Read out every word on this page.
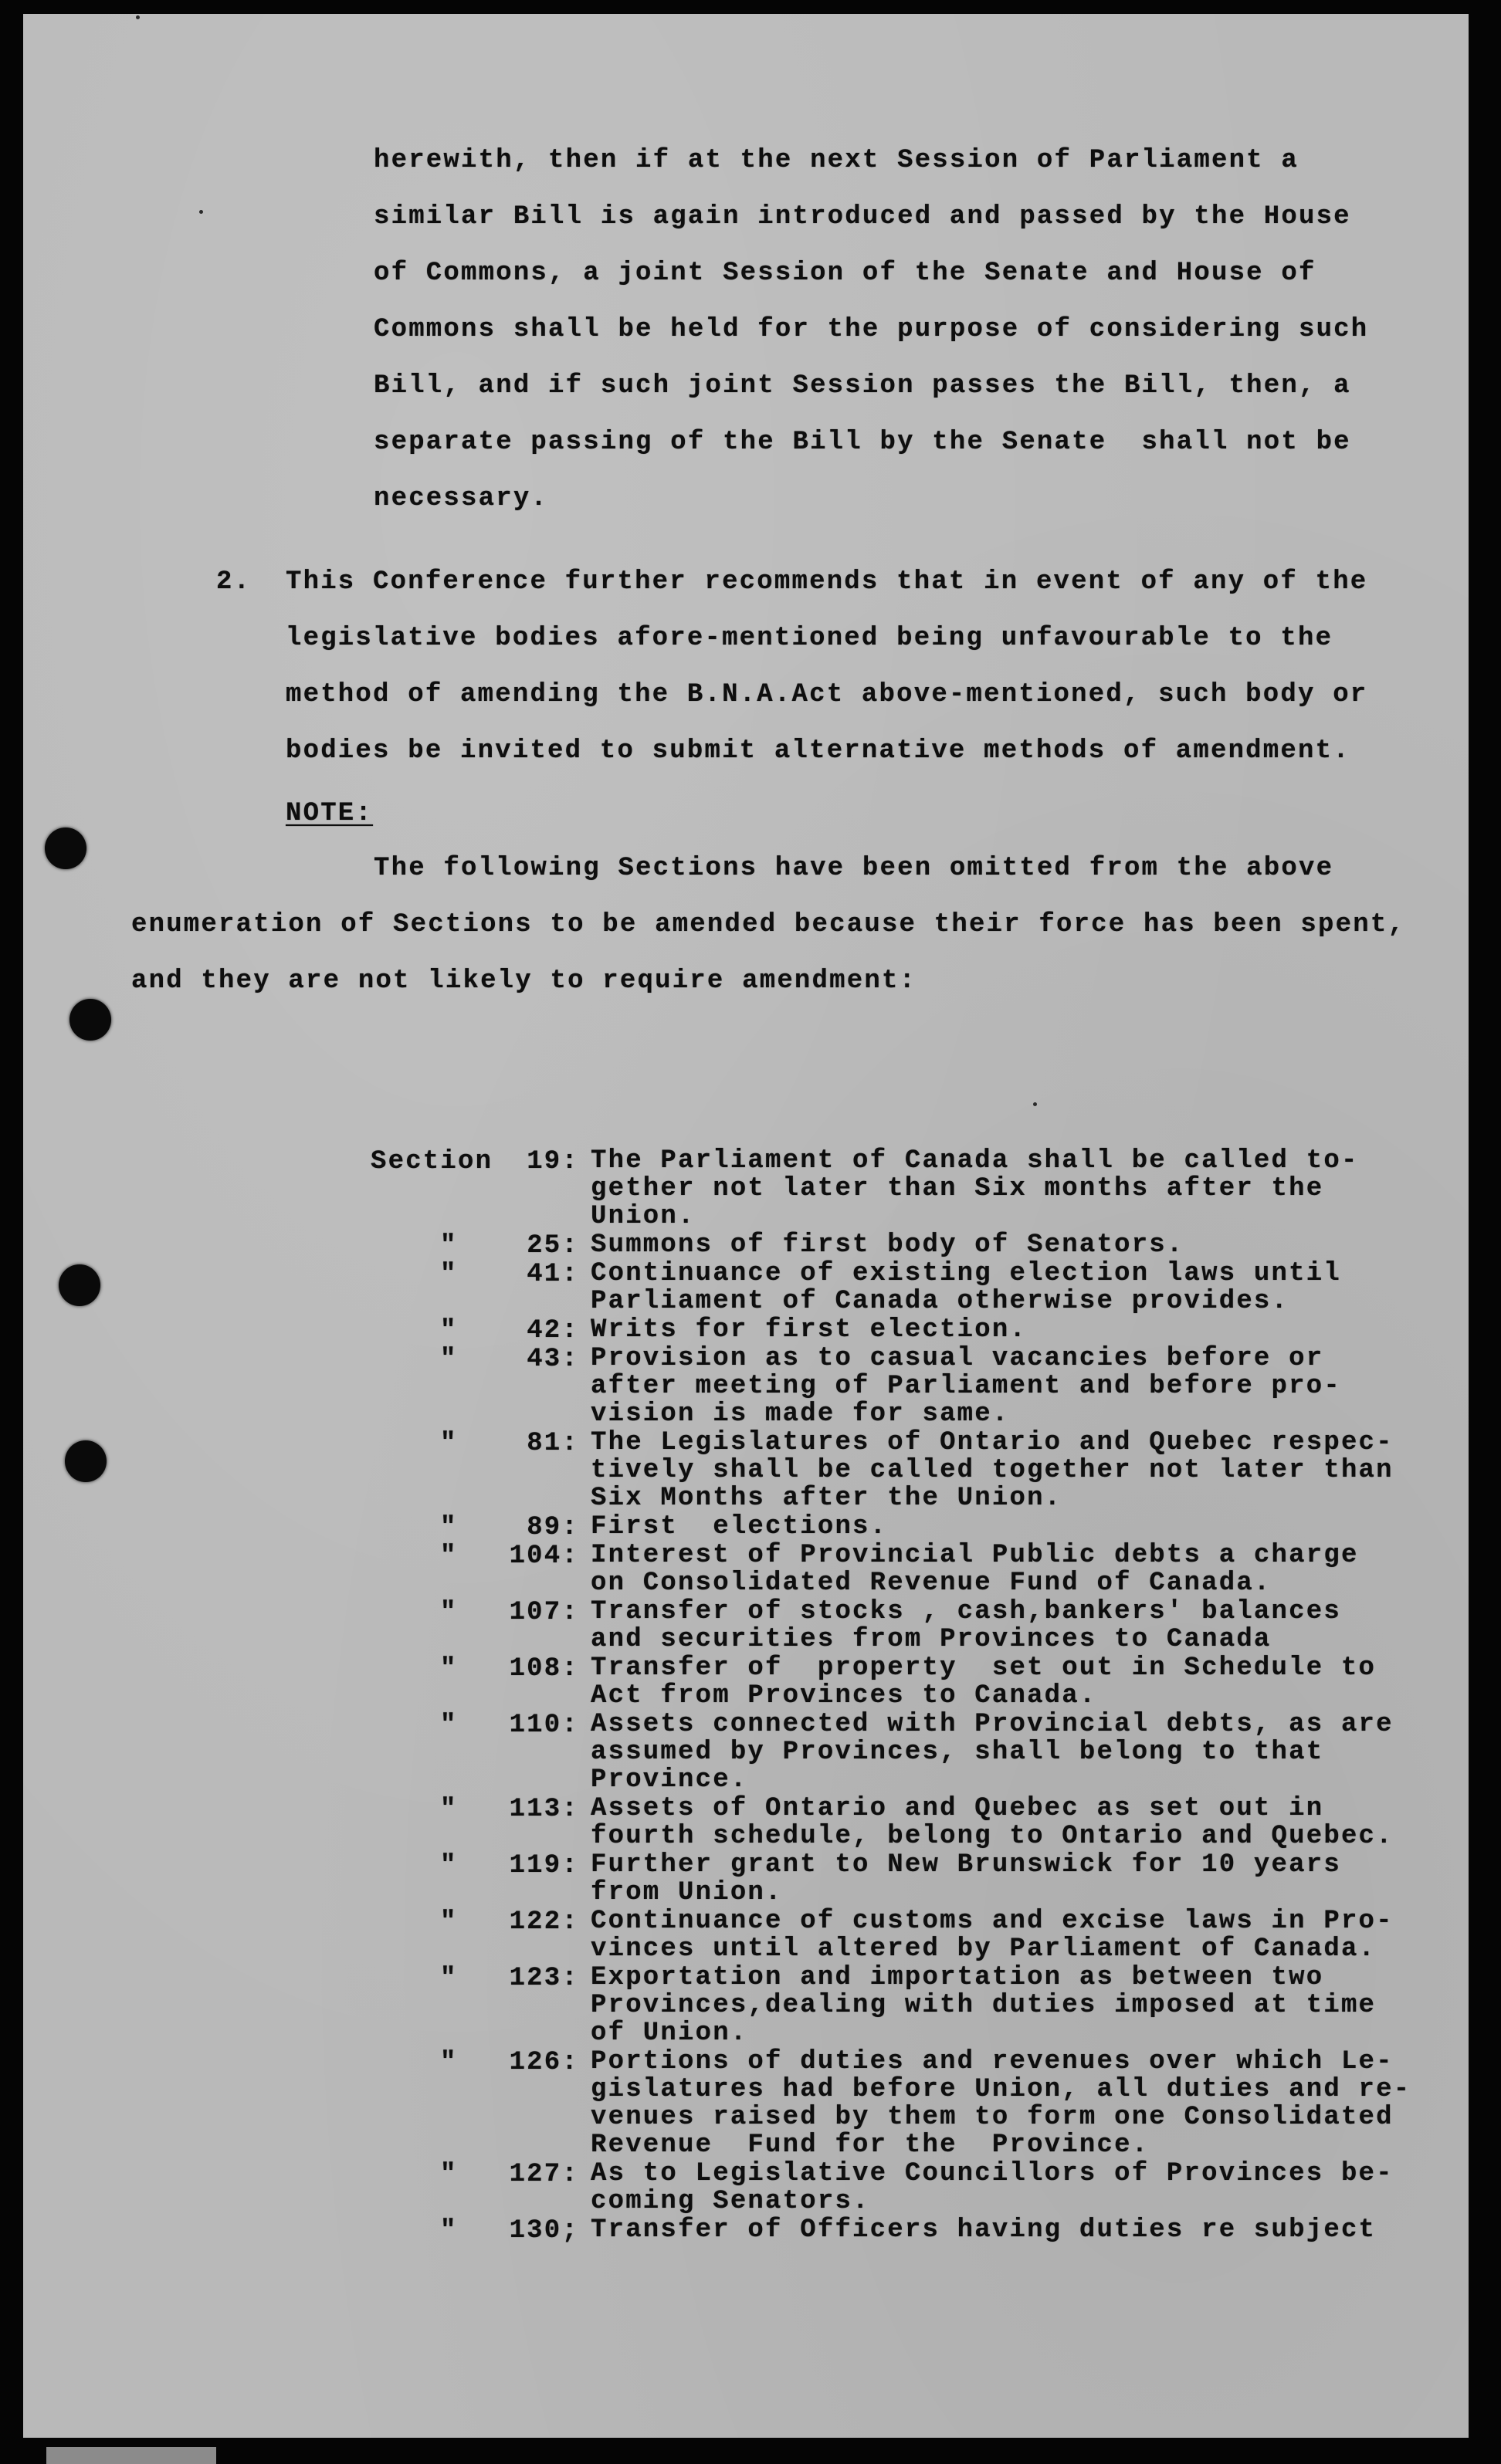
herewith, then if at the next Session of Parliament a
similar Bill is again introduced and passed by the House
of Commons, a joint Session of the Senate and House of
Commons shall be held for the purpose of considering such
Bill, and if such joint Session passes the Bill, then, a
separate passing of the Bill by the Senate  shall not be
necessary.
2. This Conference further recommends that in event of any of the
legislative bodies afore-mentioned being unfavourable to the
method of amending the B.N.A.Act above-mentioned, such body or
bodies be invited to submit alternative methods of amendment.
NOTE:
The following Sections have been omitted from the above
enumeration of Sections to be amended because their force has been spent,
and they are not likely to require amendment:
Section	19: The Parliament of Canada shall be called to-
gether not later than Six months after the
Union.
"	25: Summons of first body of Senators.
"	41: Continuance of existing election laws until
Parliament of Canada otherwise provides.
"	42: Writs for first election.
"	43: Provision as to casual vacancies before or
after meeting of Parliament and before pro-
vision is made for same.
"	81: The Legislatures of Ontario and Quebec respec-
tively shall be called together not later than
Six Months after the Union.
"	89: First  elections.
"	104: Interest of Provincial Public debts a charge
on Consolidated Revenue Fund of Canada.
"	107: Transfer of stocks , cash,bankers' balances
and securities from Provinces to Canada
"	108: Transfer of  property  set out in Schedule to
Act from Provinces to Canada.
"	110: Assets connected with Provincial debts, as are
assumed by Provinces, shall belong to that
Province.
"	113: Assets of Ontario and Quebec as set out in
fourth schedule, belong to Ontario and Quebec.
"	119: Further grant to New Brunswick for 10 years
from Union.
"	122: Continuance of customs and excise laws in Pro-
vinces until altered by Parliament of Canada.
"	123: Exportation and importation as between two
Provinces,dealing with duties imposed at time
of Union.
"	126: Portions of duties and revenues over which Le-
gislatures had before Union, all duties and re-
venues raised by them to form one Consolidated
Revenue  Fund for the  Province.
"	127: As to Legislative Councillors of Provinces be-
coming Senators.
"	130; Transfer of Officers having duties re subject
